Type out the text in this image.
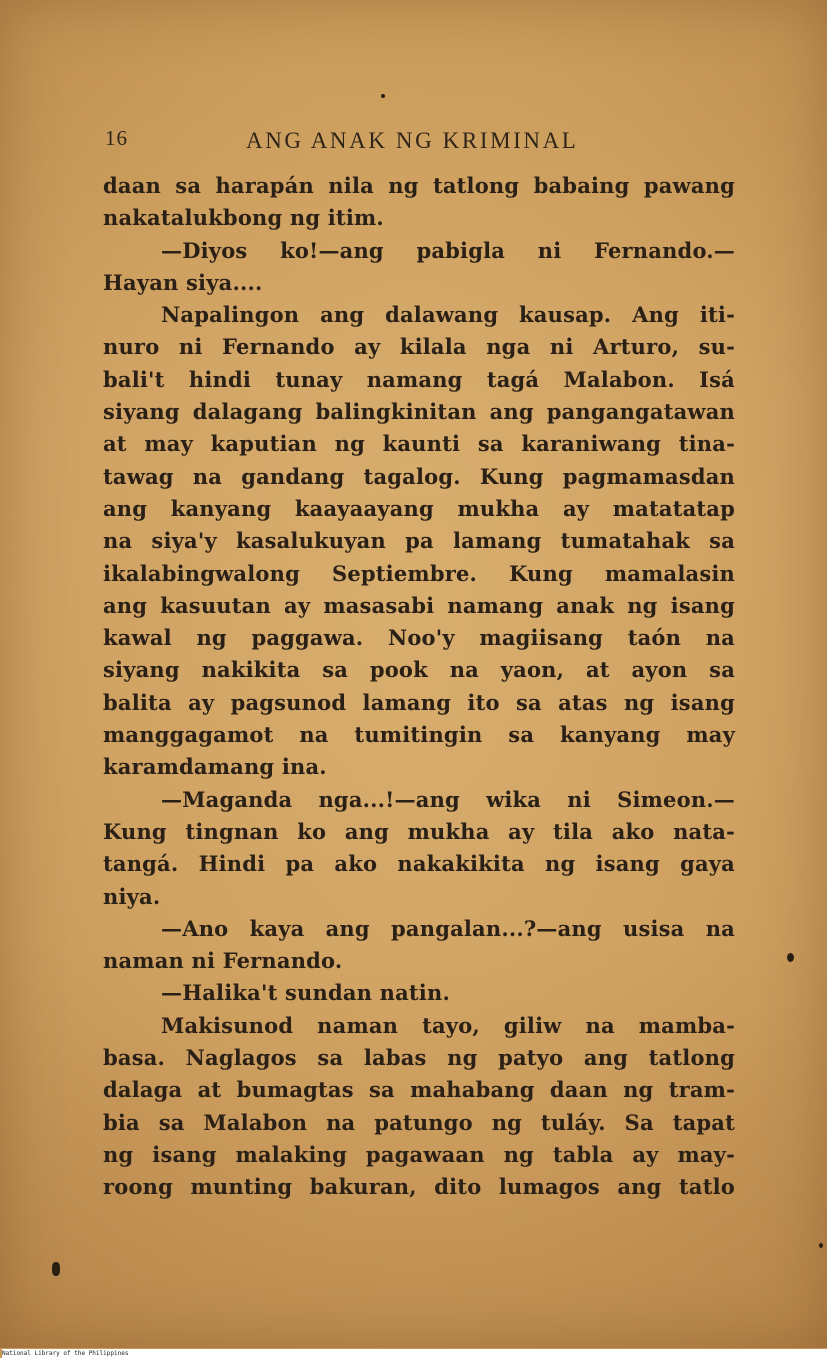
16	ANG ANAK NG KRIMINAL
daan sa harapán nila ng tatlong babaing pawang
nakatalukbong ng itim.
—Diyos ko!—ang pabigla ni Fernando.—
Hayan siya....
Napalingon ang dalawang kausap. Ang iti-
nuro ni Fernando ay kilala nga ni Arturo, su-
bali't hindi tunay namang tagá Malabon. Isá
siyang dalagang balingkinitan ang pangangatawan
at may kaputian ng kaunti sa karaniwang tina-
tawag na gandang tagalog. Kung pagmamasdan
ang kanyang kaayaayang mukha ay matatatap
na siya'y kasalukuyan pa lamang tumatahak sa
ikalabingwalong Septiembre. Kung mamalasin
ang kasuutan ay masasabi namang anak ng isang
kawal ng paggawa. Noo'y magiisang taón na
siyang nakikita sa pook na yaon, at ayon sa
balita ay pagsunod lamang ito sa atas ng isang
manggagamot na tumitingin sa kanyang may
karamdamang ina.
—Maganda nga...!—ang wika ni Simeon.—
Kung tingnan ko ang mukha ay tila ako nata-
tangá. Hindi pa ako nakakikita ng isang gaya
niya.
—Ano kaya ang pangalan...?—ang usisa na
naman ni Fernando.
—Halika't sundan natin.
Makisunod naman tayo, giliw na mamba-
basa. Naglagos sa labas ng patyo ang tatlong
dalaga at bumagtas sa mahabang daan ng tram-
bia sa Malabon na patungo ng tuláy. Sa tapat
ng isang malaking pagawaan ng tabla ay may-
roong munting bakuran, dito lumagos ang tatlo
National Library of the Philippines
